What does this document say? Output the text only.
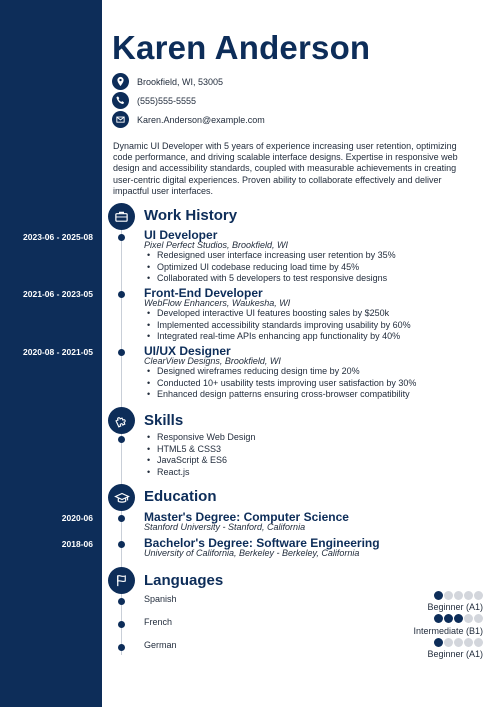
Karen Anderson
Brookfield, WI, 53005
(555)555-5555
Karen.Anderson@example.com

Dynamic UI Developer with 5 years of experience increasing user retention, optimizing code performance, and driving scalable interface designs. Expertise in responsive web design and accessibility standards, coupled with measurable achievements in creating user-centric digital experiences. Proven ability to collaborate effectively and deliver impactful user interfaces.

Work History
2023-06 - 2025-08	UI Developer
Pixel Perfect Studios, Brookfield, WI
• Redesigned user interface increasing user retention by 35%
• Optimized UI codebase reducing load time by 45%
• Collaborated with 5 developers to test responsive designs
2021-06 - 2023-05	Front-End Developer
WebFlow Enhancers, Waukesha, WI
• Developed interactive UI features boosting sales by $250k
• Implemented accessibility standards improving usability by 60%
• Integrated real-time APIs enhancing app functionality by 40%
2020-08 - 2021-05	UI/UX Designer
ClearView Designs, Brookfield, WI
• Designed wireframes reducing design time by 20%
• Conducted 10+ usability tests improving user satisfaction by 30%
• Enhanced design patterns ensuring cross-browser compatibility
Skills
• Responsive Web Design
• HTML5 & CSS3
• JavaScript & ES6
• React.js
Education
2020-06	Master's Degree: Computer Science
Stanford University - Stanford, California
2018-06	Bachelor's Degree: Software Engineering
University of California, Berkeley - Berkeley, California
Languages
Spanish
Beginner (A1)
French
Intermediate (B1)
German
Beginner (A1)
